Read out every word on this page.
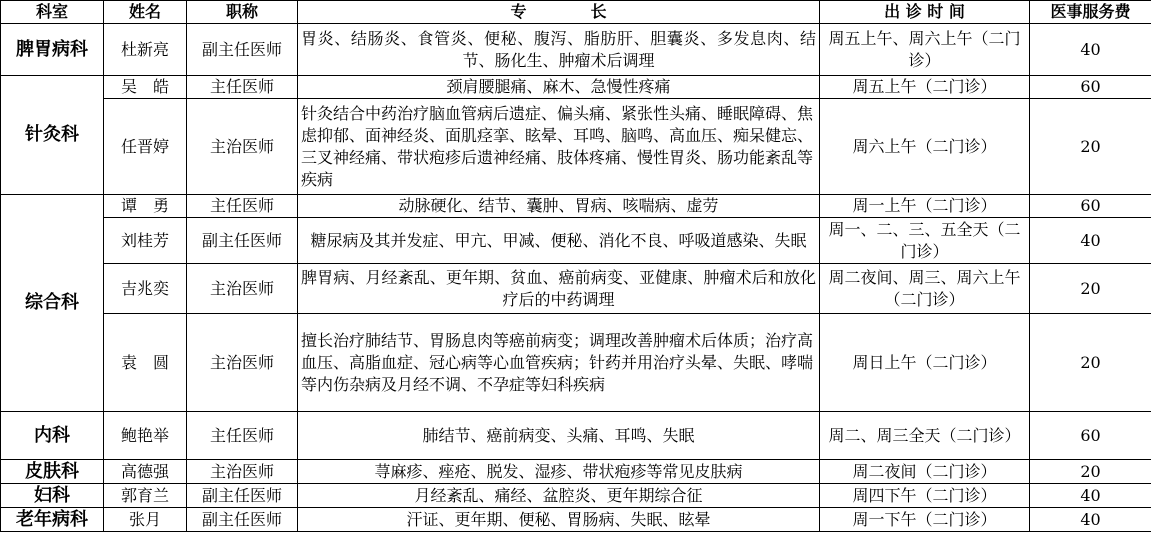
科室	姓名	职称	专　　　　长	出 诊 时 间	医事服务费
脾胃病科	杜新亮	副主任医师	胃炎、结肠炎、食管炎、便秘、腹泻、脂肪肝、胆囊炎、多发息肉、结节、肠化生、肿瘤术后调理	周五上午、周六上午（二门诊）	40
针灸科	吴　皓	主任医师	颈肩腰腿痛、麻木、急慢性疼痛	周五上午（二门诊）	60
	任晋婷	主治医师	针灸结合中药治疗脑血管病后遗症、偏头痛、紧张性头痛、睡眠障碍、焦虑抑郁、面神经炎、面肌痉挛、眩晕、耳鸣、脑鸣、高血压、痴呆健忘、三叉神经痛、带状疱疹后遗神经痛、肢体疼痛、慢性胃炎、肠功能紊乱等疾病	周六上午（二门诊）	20
综合科	谭　勇	主任医师	动脉硬化、结节、囊肿、胃病、咳喘病、虚劳	周一上午（二门诊）	60
	刘桂芳	副主任医师	糖尿病及其并发症、甲亢、甲减、便秘、消化不良、呼吸道感染、失眠	周一、二、三、五全天（二门诊）	40
	吉兆奕	主治医师	脾胃病、月经紊乱、更年期、贫血、癌前病变、亚健康、肿瘤术后和放化疗后的中药调理	周二夜间、周三、周六上午（二门诊）	20
	袁　圆	主治医师	擅长治疗肺结节、胃肠息肉等癌前病变；调理改善肿瘤术后体质；治疗高血压、高脂血症、冠心病等心血管疾病；针药并用治疗头晕、失眠、哮喘等内伤杂病及月经不调、不孕症等妇科疾病	周日上午（二门诊）	20
内科	鲍艳举	主任医师	肺结节、癌前病变、头痛、耳鸣、失眠	周二、周三全天（二门诊）	60
皮肤科	高德强	主治医师	荨麻疹、痤疮、脱发、湿疹、带状疱疹等常见皮肤病	周二夜间（二门诊）	20
妇科	郭育兰	副主任医师	月经紊乱、痛经、盆腔炎、更年期综合征	周四下午（二门诊）	40
老年病科	张月	副主任医师	汗证、更年期、便秘、胃肠病、失眠、眩晕	周一下午（二门诊）	40
